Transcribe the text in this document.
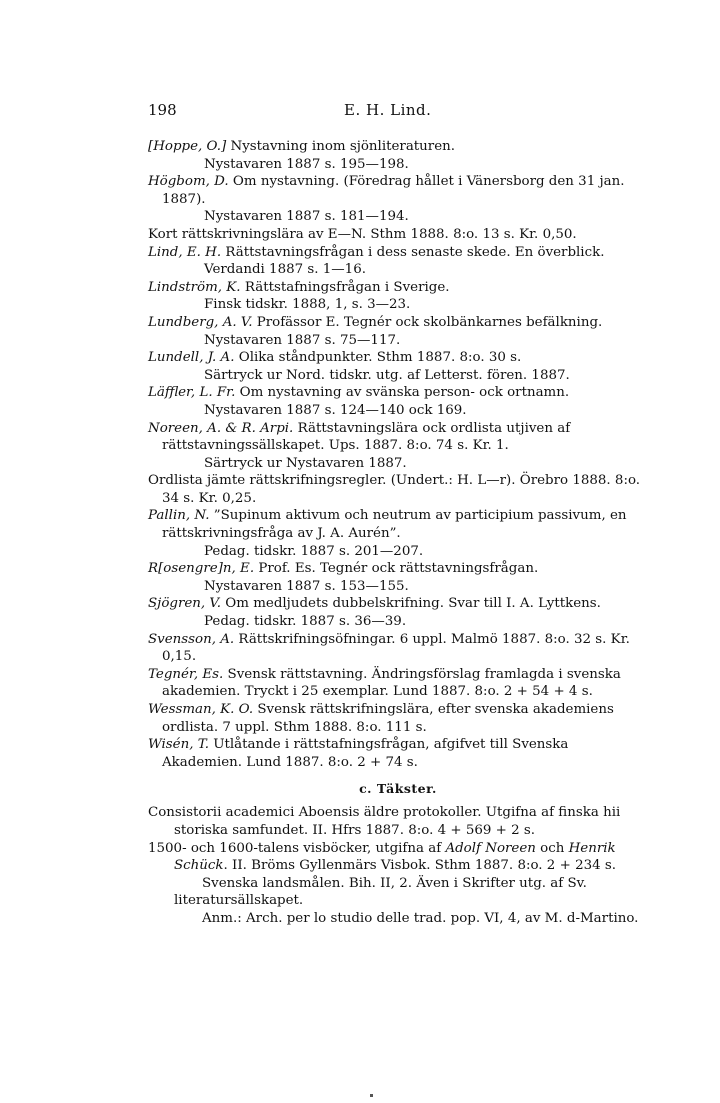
198	E. H. Lind.
[Hoppe, O.] Nystavning inom sjönliteraturen.
Nystavaren 1887 s. 195—198.
Högbom, D. Om nystavning. (Föredrag hållet i Vänersborg den 31 jan. 1887).
Nystavaren 1887 s. 181—194.
Kort rättskrivningslära av E—N. Sthm 1888. 8:o. 13 s. Kr. 0,50.
Lind, E. H. Rättstavningsfrågan i dess senaste skede. En överblick.
Verdandi 1887 s. 1—16.
Lindström, K. Rättstafningsfrågan i Sverige.
Finsk tidskr. 1888, 1, s. 3—23.
Lundberg, A. V. Profässor E. Tegnér ock skolbänkarnes befälkning.
Nystavaren 1887 s. 75—117.
Lundell, J. A. Olika ståndpunkter. Sthm 1887. 8:o. 30 s.
Särtryck ur Nord. tidskr. utg. af Letterst. fören. 1887.
Läffler, L. Fr. Om nystavning av svänska person- ock ortnamn.
Nystavaren 1887 s. 124—140 ock 169.
Noreen, A. & R. Arpi. Rättstavningslära ock ordlista utjiven af rättstavningssällskapet. Ups. 1887. 8:o. 74 s. Kr. 1.
Särtryck ur Nystavaren 1887.
Ordlista jämte rättskrifningsregler. (Undert.: H. L—r). Örebro 1888. 8:o. 34 s. Kr. 0,25.
Pallin, N. ”Supinum aktivum och neutrum av participium passivum, en rättskrivningsfråga av J. A. Aurén”.
Pedag. tidskr. 1887 s. 201—207.
R[osengre]n, E. Prof. Es. Tegnér ock rättstavningsfrågan.
Nystavaren 1887 s. 153—155.
Sjögren, V. Om medljudets dubbelskrifning. Svar till I. A. Lyttkens.
Pedag. tidskr. 1887 s. 36—39.
Svensson, A. Rättskrifningsöfningar. 6 uppl. Malmö 1887. 8:o. 32 s. Kr. 0,15.
Tegnér, Es. Svensk rättstavning. Ändringsförslag framlagda i svenska akademien. Tryckt i 25 exemplar. Lund 1887. 8:o. 2 + 54 + 4 s.
Wessman, K. O. Svensk rättskrifningslära, efter svenska akademiens ordlista. 7 uppl. Sthm 1888. 8:o. 111 s.
Wisén, T. Utlåtande i rättstafningsfrågan, afgifvet till Svenska Akademien. Lund 1887. 8:o. 2 + 74 s.
c. Täkster.
Consistorii academici Aboensis äldre protokoller. Utgifna af finska hii storiska samfundet. II. Hfrs 1887. 8:o. 4 + 569 + 2 s.
1500- och 1600-talens visböcker, utgifna af Adolf Noreen och Henrik Schück. II. Bröms Gyllenmärs Visbok. Sthm 1887. 8:o. 2 + 234 s.
Svenska landsmålen. Bih. II, 2. Även i Skrifter utg. af Sv. literatursällskapet.
Anm.: Arch. per lo studio delle trad. pop. VI, 4, av M. d-Martino.
